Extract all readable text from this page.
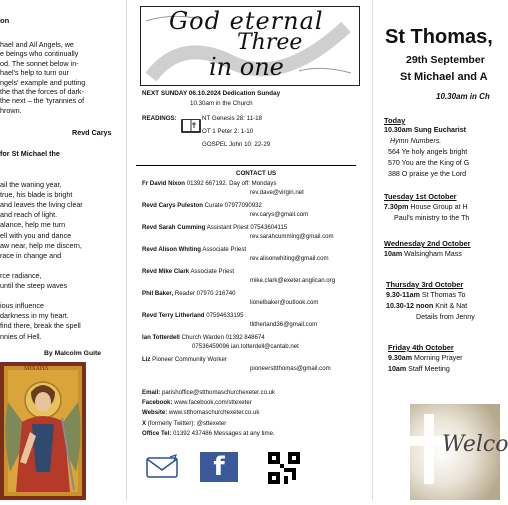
on
hael and All Angels, we
e beings who continually
od. The sonnet below in-
hael's help to turn our
ngels' example and putting
the that the forces of dark-
the next – the 'tyrannies of
hrown.
Revd Carys
for St Michael the
ail the waning year,
true, his blade is bright
and leaves the living clear
and reach of light.
alance, help me turn
ell with you and dance
aw near, help me discern,
race in change and
rce radiance,
until the steep waves
ious influence
darkness in my heart.
find there, break the spell
nnies of Hell.
By Malcolm Guite
ΜΙΧΑΗΛ
God eternal
Three
in one
NEXT SUNDAY 06.10.2024 Dedication Sunday
10.30am in the Church
READINGS:	NT Genesis 28: 11-18
OT 1 Peter 2: 1-10
GOSPEL John 10: 22-29
CONTACT US
Fr David Nixon 01392 667192. Day off: Mondays
rev.dave@virgin.net
Revd Carys Puleston Curate 07977090932
rev.carys@gmail.com
Revd Sarah Cumming Assistant Priest 07543604115
rev.sarahcumming@gmail.com
Revd Alison Whiting Associate Priest
rev.alisonwhiting@gmail.com
Revd Mike Clark Associate Priest
mike.clark@exeter.anglican.org
Phil Baker, Reader 07970 216740
lionelbaker@outlook.com
Revd Terry Litherland 07594633195
tlitherland36@gmail.com
Ian Totterdell Church Warden 01392 848674
07536459096 ian.totterdell@cantab.net
Liz Pioneer Community Worker
pioneersttthomas@gmail.com
Email: parishoffice@stthomaschurchexeter.co.uk
Facebook: www.facebook.com/sttexeter
Website: www.stthomaschurchexeter.co.uk
X (formerly Twitter): @sttexeter
Office Tel: 01392 437486 Messages at any time.
f
St Thomas,
29th September
St Michael and A
10.30am in Ch
Today
10.30am Sung Eucharist
Hymn Numbers.
564 Ye holy angels bright
570 You are the King of G
388 O praise ye the Lord
Tuesday 1st October
7.30pm House Group at H
Paul's ministry to the Th
Wednesday 2nd October
10am Walsingham Mass
Thursday 3rd October
9.30-11am St Thomas To
10.30-12 noon Knit & Nat
Details from Jenny
Friday 4th October
9.30am Morning Prayer
10am Staff Meeting
Welco
